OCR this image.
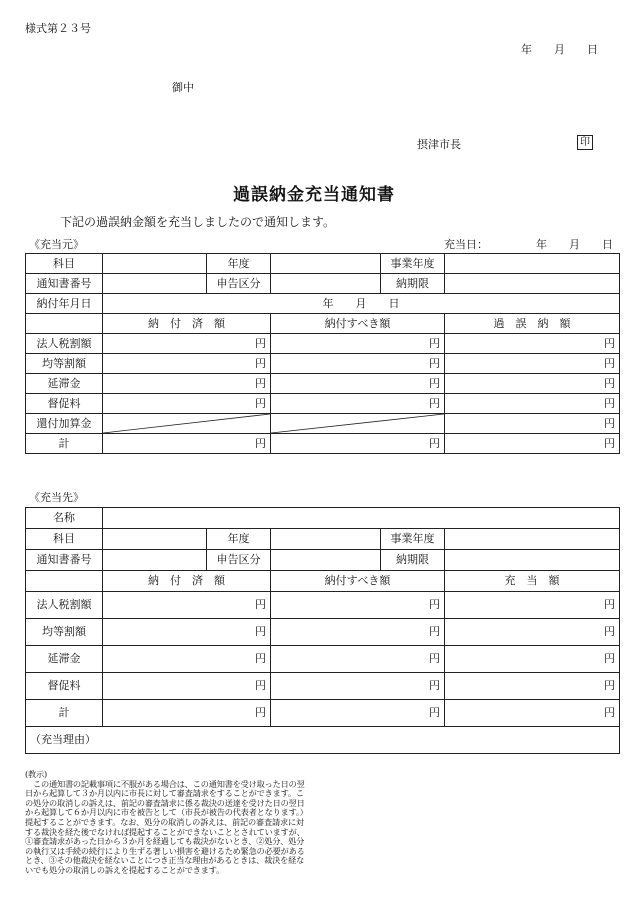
様式第２３号
年　　月　　日
御中
摂津市長	印
過誤納金充当通知書
下記の過誤納金額を充当しましたので通知します。
《充当元》	充当日：	年　　月　　日
科目		年度		事業年度	
通知書番号		申告区分		納期限	
納付年月日	年　　月　　日				
	納　付　済　額		納付すべき額		過　誤　納　額
法人税割額	円		円		円
均等割額	円		円		円
延滞金	円		円		円
督促料	円		円		円
還付加算金					円
計	円		円		円
《充当先》
名称					
科目		年度		事業年度	
通知書番号		申告区分		納期限	
	納　付　済　額		納付すべき額		充　当　額
法人税割額	円		円		円
均等割額	円		円		円
延滞金	円		円		円
督促料	円		円		円
計	円		円		円
（充当理由）					

(教示)

　この通知書の記載事項に不服がある場合は、この通知書を受け取った日の翌

日から起算して３か月以内に市長に対して審査請求をすることができます。こ

の処分の取消しの訴えは、前記の審査請求に係る裁決の送達を受けた日の翌日

から起算して６か月以内に市を被告として（市長が被告の代表者となります。）

提起することができます。なお、処分の取消しの訴えは、前記の審査請求に対

する裁決を経た後でなければ提起することができないこととされていますが、

①審査請求があった日から３か月を経過しても裁決がないとき、②処分、処分

の執行又は手続の続行により生ずる著しい損害を避けるため緊急の必要がある

とき、③その他裁決を経ないことにつき正当な理由があるときは、裁決を経な

いでも処分の取消しの訴えを提起することができます。
